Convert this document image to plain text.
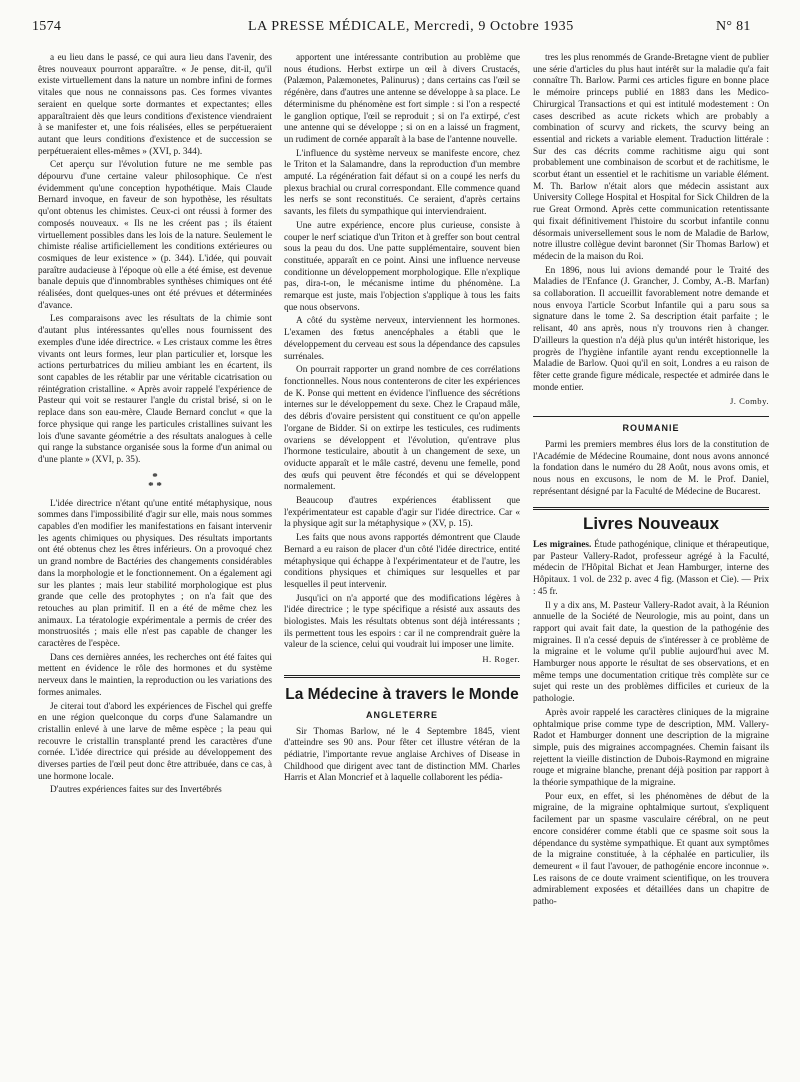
1574	LA PRESSE MÉDICALE, Mercredi, 9 Octobre 1935	N° 81

a eu lieu dans le passé, ce qui aura lieu dans l'avenir, des êtres nouveaux pourront apparaître. « Je pense, dit-il, qu'il existe virtuellement dans la nature un nombre infini de formes vitales que nous ne connaissons pas. Ces formes vivantes seraient en quelque sorte dormantes et expectantes; elles apparaîtraient dès que leurs conditions d'existence viendraient à se manifester et, une fois réalisées, elles se perpétueraient autant que leurs conditions d'existence et de succession se perpétueraient elles-mêmes » (XVI, p. 344).

Cet aperçu sur l'évolution future ne me semble pas dépourvu d'une certaine valeur philosophique. Ce n'est évidemment qu'une conception hypothétique. Mais Claude Bernard invoque, en faveur de son hypothèse, les résultats qu'ont obtenus les chimistes. Ceux-ci ont réussi à former des composés nouveaux. « Ils ne les créent pas ; ils étaient virtuellement possibles dans les lois de la nature. Seulement le chimiste réalise artificiellement les conditions extérieures ou cosmiques de leur existence » (p. 344). L'idée, qui pouvait paraître audacieuse à l'époque où elle a été émise, est devenue banale depuis que d'innombrables synthèses chimiques ont été réalisées, dont quelques-unes ont été prévues et déterminées d'avance.

Les comparaisons avec les résultats de la chimie sont d'autant plus intéressantes qu'elles nous fournissent des exemples d'une idée directrice. « Les cristaux comme les êtres vivants ont leurs formes, leur plan particulier et, lorsque les actions perturbatrices du milieu ambiant les en écartent, ils sont capables de les rétablir par une véritable cicatrisation ou réintégration cristalline. « Après avoir rappelé l'expérience de Pasteur qui voit se restaurer l'angle du cristal brisé, si on le replace dans son eau-mère, Claude Bernard conclut « que la force physique qui range les particules cristallines suivant les lois d'une savante géométrie a des résultats analogues à celle qui range la substance organisée sous la forme d'un animal ou d'une plante » (XVI, p. 35).

*
* *

L'idée directrice n'étant qu'une entité métaphysique, nous sommes dans l'impossibilité d'agir sur elle, mais nous sommes capables d'en modifier les manifestations en faisant intervenir les agents chimiques ou physiques. Des résultats importants ont été obtenus chez les êtres inférieurs. On a provoqué chez un grand nombre de Bactéries des changements considérables dans la morphologie et le fonctionnement. On a également agi sur les plantes ; mais leur stabilité morphologique est plus grande que celle des protophytes ; on n'a fait que des retouches au plan primitif. Il en a été de même chez les animaux. La tératologie expérimentale a permis de créer des monstruosités ; mais elle n'est pas capable de changer les caractères de l'espèce.

Dans ces dernières années, les recherches ont été faites qui mettent en évidence le rôle des hormones et du système nerveux dans le maintien, la reproduction ou les variations des formes animales.

Je citerai tout d'abord les expériences de Fischel qui greffe en une région quelconque du corps d'une Salamandre un cristallin enlevé à une larve de même espèce ; la peau qui recouvre le cristallin transplanté prend les caractères d'une cornée. L'idée directrice qui préside au développement des diverses parties de l'œil peut donc être attribuée, dans ce cas, à une hormone locale.

D'autres expériences faites sur des Invertébrés

apportent une intéressante contribution au problème que nous étudions. Herbst extirpe un œil à divers Crustacés, (Palæmon, Palæmonetes, Palinurus) ; dans certains cas l'œil se régénère, dans d'autres une antenne se développe à sa place. Le déterminisme du phénomène est fort simple : si l'on a respecté le ganglion optique, l'œil se reproduit ; si on l'a extirpé, c'est une antenne qui se développe ; si on en a laissé un fragment, un rudiment de cornée apparaît à la base de l'antenne nouvelle.

L'influence du système nerveux se manifeste encore, chez le Triton et la Salamandre, dans la reproduction d'un membre amputé. La régénération fait défaut si on a coupé les nerfs du plexus brachial ou crural correspondant. Elle commence quand les nerfs se sont reconstitués. Ce seraient, d'après certains savants, les filets du sympathique qui interviendraient.

Une autre expérience, encore plus curieuse, consiste à couper le nerf sciatique d'un Triton et à greffer son bout central sous la peau du dos. Une patte supplémentaire, souvent bien constituée, apparaît en ce point. Ainsi une influence nerveuse conditionne un développement morphologique. Elle n'explique pas, dira-t-on, le mécanisme intime du phénomène. La remarque est juste, mais l'objection s'applique à tous les faits que nous observons.

A côté du système nerveux, interviennent les hormones. L'examen des fœtus anencéphales a établi que le développement du cerveau est sous la dépendance des capsules surrénales.

On pourrait rapporter un grand nombre de ces corrélations fonctionnelles. Nous nous contenterons de citer les expériences de K. Ponse qui mettent en évidence l'influence des sécrétions internes sur le développement du sexe. Chez le Crapaud mâle, des débris d'ovaire persistent qui constituent ce qu'on appelle l'organe de Bidder. Si on extirpe les testicules, ces rudiments ovariens se développent et l'évolution, qu'entrave plus l'hormone testiculaire, aboutit à un changement de sexe, un oviducte apparaît et le mâle castré, devenu une femelle, pond des œufs qui peuvent être fécondés et qui se développent normalement.

Beaucoup d'autres expériences établissent que l'expérimentateur est capable d'agir sur l'idée directrice. Car « la physique agit sur la métaphysique » (XV, p. 15).

Les faits que nous avons rapportés démontrent que Claude Bernard a eu raison de placer d'un côté l'idée directrice, entité métaphysique qui échappe à l'expérimentateur et de l'autre, les conditions physiques et chimiques sur lesquelles et par lesquelles il peut intervenir.

Jusqu'ici on n'a apporté que des modifications légères à l'idée directrice ; le type spécifique a résisté aux assauts des biologistes. Mais les résultats obtenus sont déjà intéressants ; ils permettent tous les espoirs : car il ne comprendrait guère la valeur de la science, celui qui voudrait lui imposer une limite.

H. Roger.
La Médecine à travers le Monde
ANGLETERRE

Sir Thomas Barlow, né le 4 Septembre 1845, vient d'atteindre ses 90 ans. Pour fêter cet illustre vétéran de la pédiatrie, l'importante revue anglaise Archives of Disease in Childhood que dirigent avec tant de distinction MM. Charles Harris et Alan Moncrief et à laquelle collaborent les pédia-

tres les plus renommés de Grande-Bretagne vient de publier une série d'articles du plus haut intérêt sur la maladie qu'a fait connaître Th. Barlow. Parmi ces articles figure en bonne place le mémoire princeps publié en 1883 dans les Medico-Chirurgical Transactions et qui est intitulé modestement : On cases described as acute rickets which are probably a combination of scurvy and rickets, the scurvy being an essential and rickets a variable element. Traduction littérale : Sur des cas décrits comme rachitisme aigu qui sont probablement une combinaison de scorbut et de rachitisme, le scorbut étant un essentiel et le rachitisme un variable élément. M. Th. Barlow n'était alors que médecin assistant aux University College Hospital et Hospital for Sick Children de la rue Great Ormond. Après cette communication retentissante qui fixait définitivement l'histoire du scorbut infantile connu désormais universellement sous le nom de Maladie de Barlow, notre illustre collègue devint baronnet (Sir Thomas Barlow) et médecin de la maison du Roi.

En 1896, nous lui avions demandé pour le Traité des Maladies de l'Enfance (J. Grancher, J. Comby, A.-B. Marfan) sa collaboration. Il accueillit favorablement notre demande et nous envoya l'article Scorbut Infantile qui a paru sous sa signature dans le tome 2. Sa description était parfaite ; le relisant, 40 ans après, nous n'y trouvons rien à changer. D'ailleurs la question n'a déjà plus qu'un intérêt historique, les progrès de l'hygiène infantile ayant rendu exceptionnelle la Maladie de Barlow. Quoi qu'il en soit, Londres a eu raison de fêter cette grande figure médicale, respectée et admirée dans le monde entier.

J. Comby.
ROUMANIE

Parmi les premiers membres élus lors de la constitution de l'Académie de Médecine Roumaine, dont nous avons annoncé la fondation dans le numéro du 28 Août, nous avons omis, et nous nous en excusons, le nom de M. le Prof. Daniel, représentant désigné par la Faculté de Médecine de Bucarest.

Livres Nouveaux

Les migraines. Étude pathogénique, clinique et thérapeutique, par Pasteur Vallery-Radot, professeur agrégé à la Faculté, médecin de l'Hôpital Bichat et Jean Hamburger, interne des Hôpitaux. 1 vol. de 232 p. avec 4 fig. (Masson et Cie). — Prix : 45 fr.

Il y a dix ans, M. Pasteur Vallery-Radot avait, à la Réunion annuelle de la Société de Neurologie, mis au point, dans un rapport qui avait fait date, la question de la pathogénie des migraines. Il n'a cessé depuis de s'intéresser à ce problème de la migraine et le volume qu'il publie aujourd'hui avec M. Hamburger nous apporte le résultat de ses observations, et en même temps une documentation critique très complète sur ce sujet qui reste un des problèmes difficiles et curieux de la pathologie.

Après avoir rappelé les caractères cliniques de la migraine ophtalmique prise comme type de description, MM. Vallery-Radot et Hamburger donnent une description de la migraine simple, puis des migraines accompagnées. Chemin faisant ils rejettent la vieille distinction de Dubois-Raymond en migraine rouge et migraine blanche, prenant déjà position par rapport à la théorie sympathique de la migraine.

Pour eux, en effet, si les phénomènes de début de la migraine, de la migraine ophtalmique surtout, s'expliquent facilement par un spasme vasculaire cérébral, on ne peut encore considérer comme établi que ce spasme soit sous la dépendance du système sympathique. Et quant aux symptômes de la migraine constituée, à la céphalée en particulier, ils demeurent « il faut l'avouer, de pathogénie encore inconnue ». Les raisons de ce doute vraiment scientifique, on les trouvera admirablement exposées et détaillées dans un chapitre de patho-
